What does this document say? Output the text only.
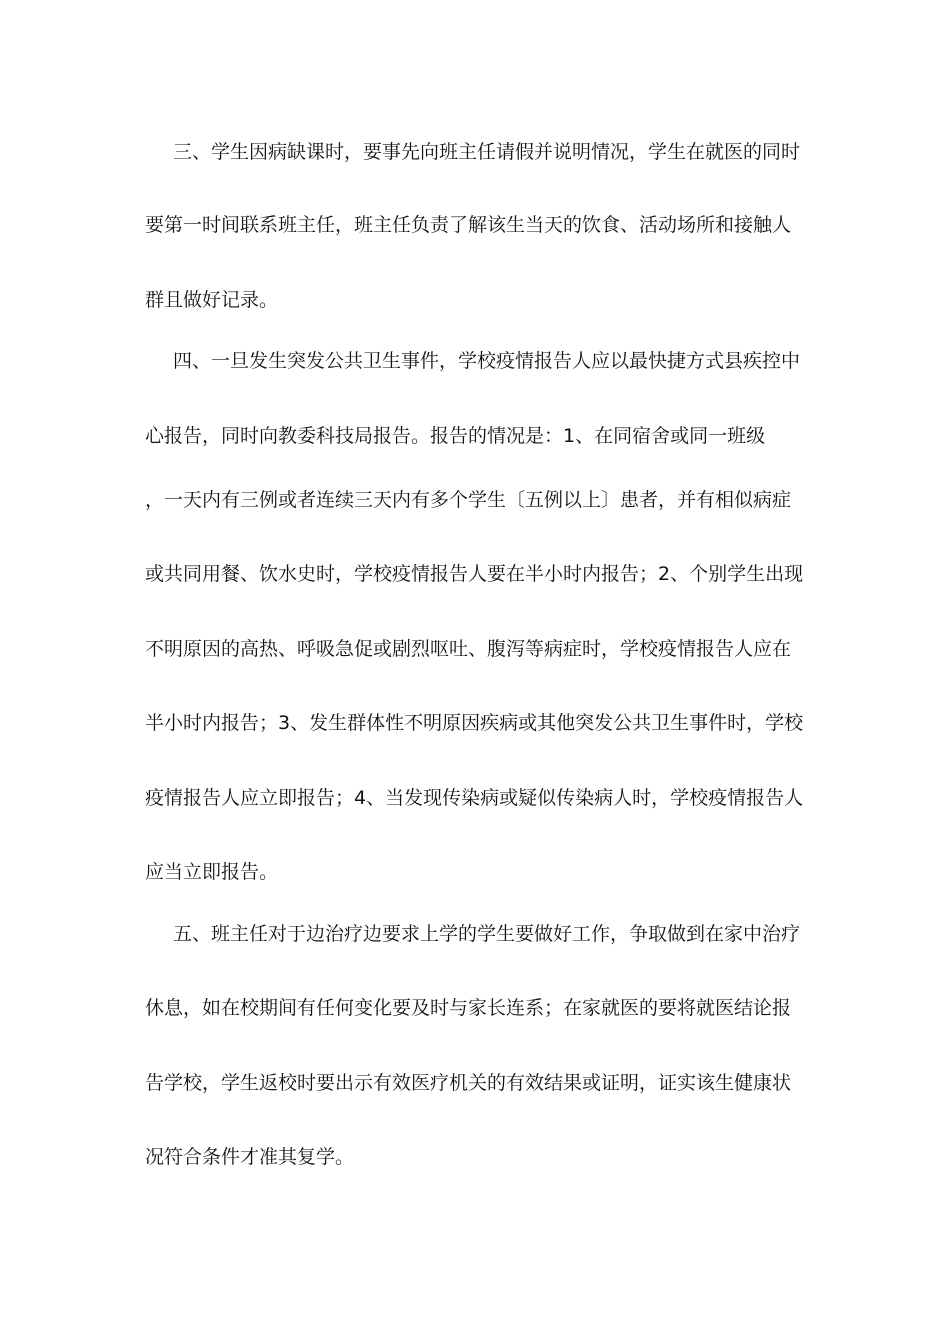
三、学生因病缺课时，要事先向班主任请假并说明情况，学生在就医的同时

要第一时间联系班主任，班主任负责了解该生当天的饮食、活动场所和接触人

群且做好记录。

四、一旦发生突发公共卫生事件，学校疫情报告人应以最快捷方式县疾控中

心报告，同时向教委科技局报告。报告的情况是：1、在同宿舍或同一班级

，一天内有三例或者连续三天内有多个学生〔五例以上〕患者，并有相似病症

或共同用餐、饮水史时，学校疫情报告人要在半小时内报告；2、个别学生出现

不明原因的高热、呼吸急促或剧烈呕吐、腹泻等病症时，学校疫情报告人应在

半小时内报告；3、发生群体性不明原因疾病或其他突发公共卫生事件时，学校

疫情报告人应立即报告；4、当发现传染病或疑似传染病人时，学校疫情报告人

应当立即报告。

五、班主任对于边治疗边要求上学的学生要做好工作，争取做到在家中治疗

休息，如在校期间有任何变化要及时与家长连系；在家就医的要将就医结论报

告学校，学生返校时要出示有效医疗机关的有效结果或证明，证实该生健康状

况符合条件才准其复学。
